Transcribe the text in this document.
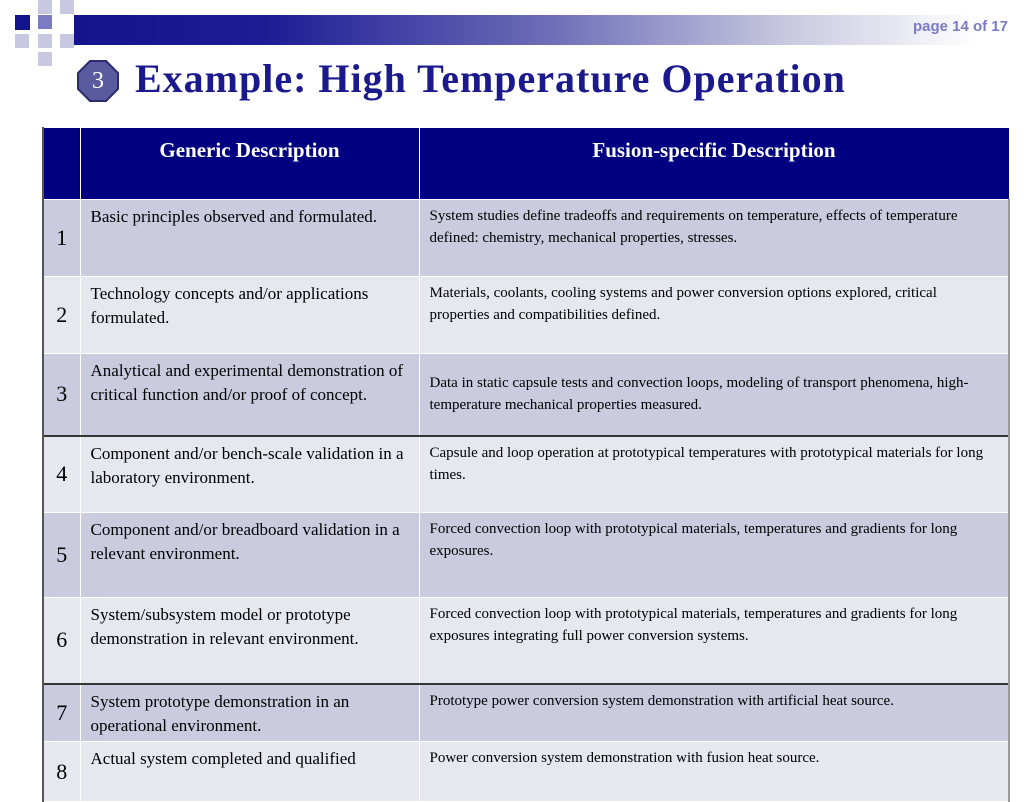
page 14 of 17
3 Example: High Temperature Operation
	Generic Description	Fusion-specific Description
1	Basic principles observed and formulated.	System studies define tradeoffs and requirements on temperature, effects of temperature defined: chemistry, mechanical properties, stresses.
2	Technology concepts and/or applications formulated.	Materials, coolants, cooling systems and power conversion options explored, critical properties and compatibilities defined.
3	Analytical and experimental demonstration of critical function and/or proof of concept.	Data in static capsule tests and convection loops, modeling of transport phenomena, high-temperature mechanical properties measured.
4	Component and/or bench-scale validation in a laboratory environment.	Capsule and loop operation at prototypical temperatures with prototypical materials for long times.
5	Component and/or breadboard validation in a relevant environment.	Forced convection loop with prototypical materials, temperatures and gradients for long exposures.
6	System/subsystem model or prototype demonstration in relevant environment.	Forced convection loop with prototypical materials, temperatures and gradients for long exposures integrating full power conversion systems.
7	System prototype demonstration in an operational environment.	Prototype power conversion system demonstration with artificial heat source.
8	Actual system completed and qualified	Power conversion system demonstration with fusion heat source.
